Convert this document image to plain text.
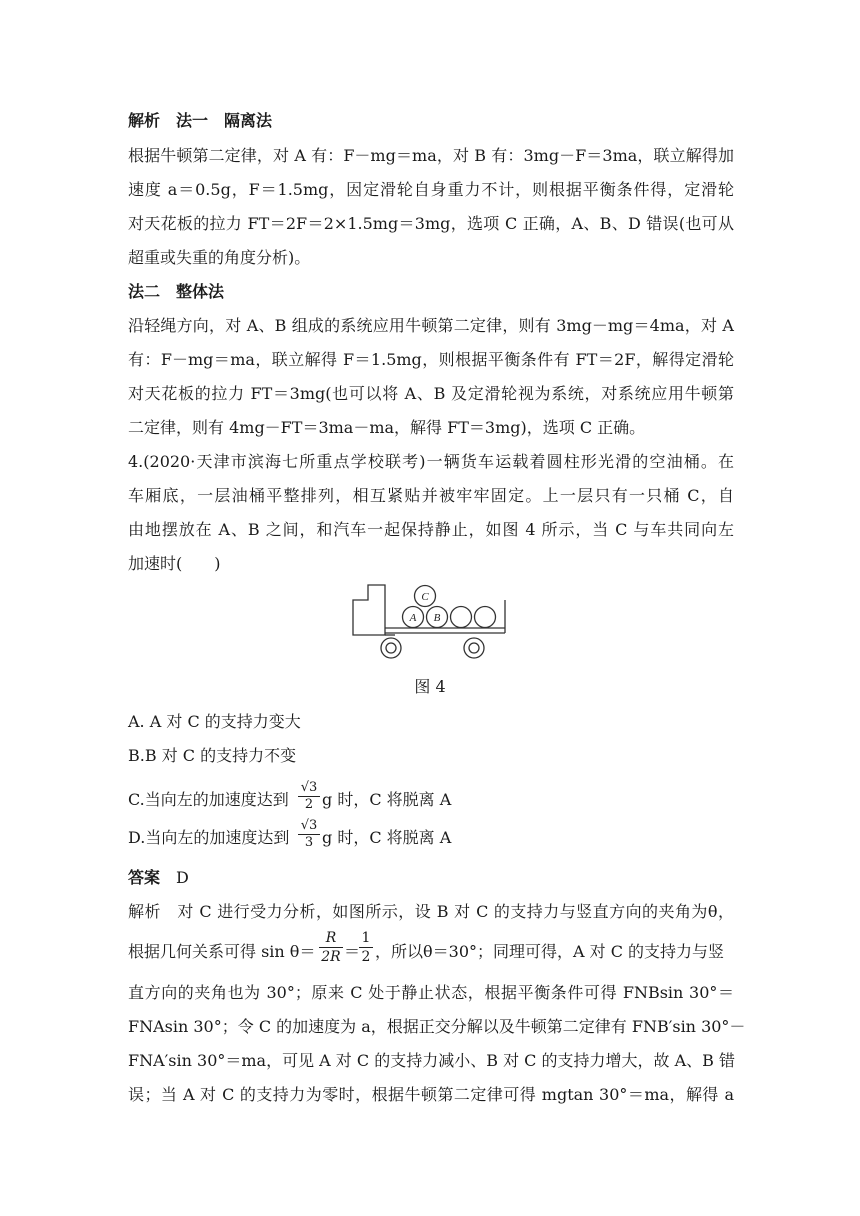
解析　法一　隔离法
根据牛顿第二定律，对 A 有：F－mg＝ma，对 B 有：3mg－F＝3ma，联立解得加
速度 a＝0.5g，F＝1.5mg，因定滑轮自身重力不计，则根据平衡条件得，定滑轮
对天花板的拉力 FT＝2F＝2×1.5mg＝3mg，选项 C 正确，A、B、D 错误(也可从
超重或失重的角度分析)。
法二　整体法
沿轻绳方向，对 A、B 组成的系统应用牛顿第二定律，则有 3mg－mg＝4ma，对 A
有：F－mg＝ma，联立解得 F＝1.5mg，则根据平衡条件有 FT＝2F，解得定滑轮
对天花板的拉力 FT＝3mg(也可以将 A、B 及定滑轮视为系统，对系统应用牛顿第
二定律，则有 4mg－FT＝3ma－ma，解得 FT＝3mg)，选项 C 正确。
4.(2020·天津市滨海七所重点学校联考)一辆货车运载着圆柱形光滑的空油桶。在
车厢底，一层油桶平整排列，相互紧贴并被牢牢固定。上一层只有一只桶 C，自
由地摆放在 A、B 之间，和汽车一起保持静止，如图 4 所示，当 C 与车共同向左
加速时(　　)
A B
C
图 4
A. A 对 C 的支持力变大
B.B 对 C 的支持力不变
C.当向左的加速度达到 $\frac{√3}{2}$ g 时，C 将脱离 A
D.当向左的加速度达到 $\frac{√3}{3}$ g 时，C 将脱离 A
答案 D
解析　对 C 进行受力分析，如图所示，设 B 对 C 的支持力与竖直方向的夹角为θ，
根据几何关系可得 $\sin \theta= \frac{R}{2R}$ ＝
$\frac{1}{2}$ ，所以θ＝30°；同理可得，A 对 C 的支持力与竖
直方向的夹角也为 30°；原来 C 处于静止状态，根据平衡条件可得 FNBsin 30°＝
FNAsin 30°；令 C 的加速度为 a，根据正交分解以及牛顿第二定律有 FNB′sin 30°－
FNA′sin 30°＝ma，可见 A 对 C 的支持力减小、B 对 C 的支持力增大，故 A、B 错
误；当 A 对 C 的支持力为零时，根据牛顿第二定律可得 mgtan 30°＝ma，解得 a
